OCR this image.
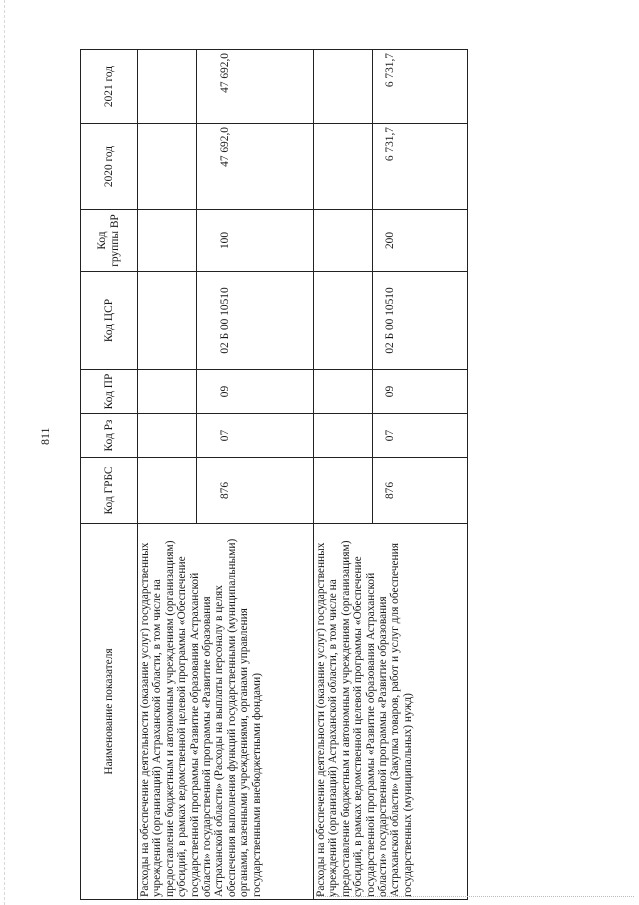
811
Наименование показателя	Код ГРБС	Код Рз	Код ПР	Код ЦСР	Код группы ВР	2020 год	2021 год
Расходы на обеспечение деятельности (оказание услуг) государственных учреждений (организаций) Астраханской области, в том числе на предоставление бюджетным и автономным учреждениям (организациям) субсидий, в рамках ведомственной целевой программы «Обеспечение государственной программы «Развитие образования Астраханской области» государственной программы «Развитие образования Астраханской области» (Расходы на выплаты персоналу в целях обеспечения выполнения функций государственными (муниципальными) органами, казенными учреждениями, органами управления государственными внебюджетными фондами)	876	07	09	02 Б 00 10510	100	47 692,0	47 692,0
Расходы на обеспечение деятельности (оказание услуг) государственных учреждений (организаций) Астраханской области, в том числе на предоставление бюджетным и автономным учреждениям (организациям) субсидий, в рамках ведомственной целевой программы «Обеспечение государственной программы «Развитие образования Астраханской области» государственной программы «Развитие образования Астраханской области» (Закупка товаров, работ и услуг для обеспечения государственных (муниципальных) нужд)	876	07	09	02 Б 00 10510	200	6 731,7	6 731,7
